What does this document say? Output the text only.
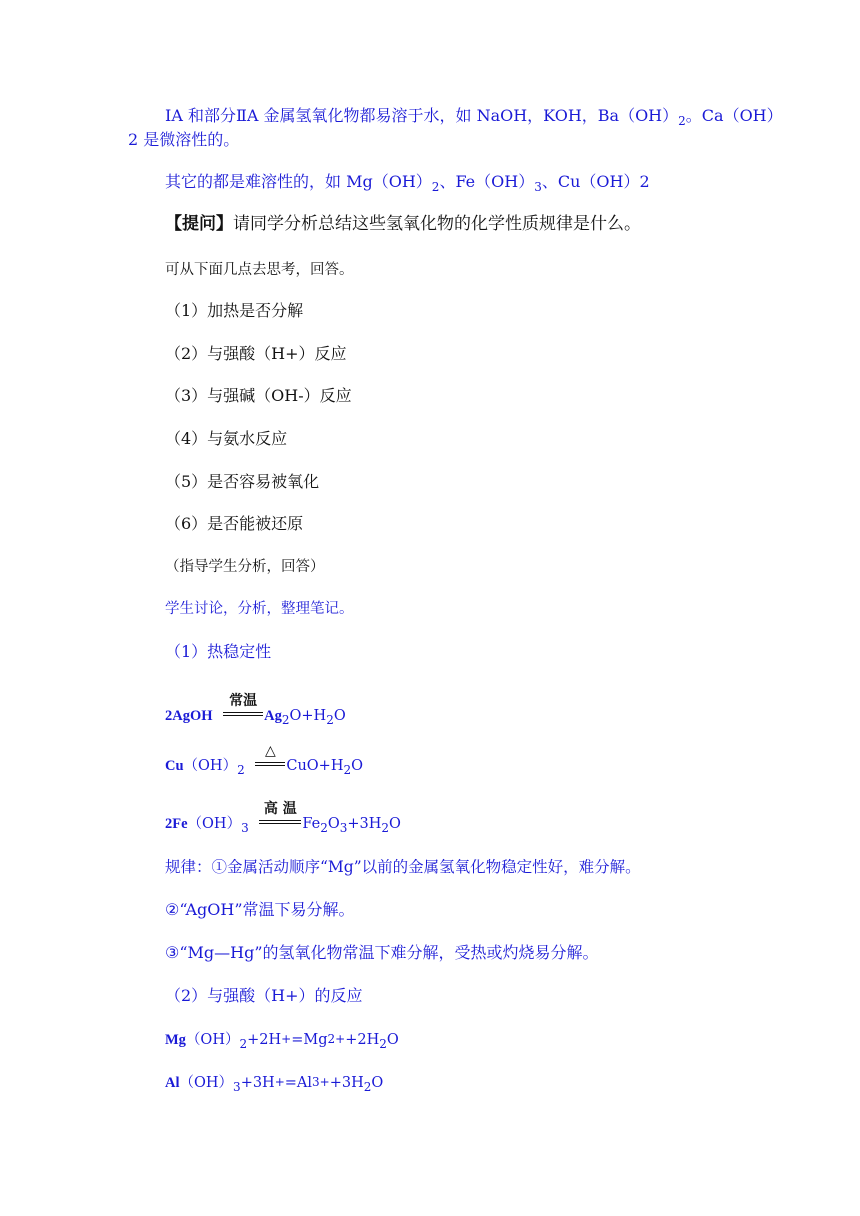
ⅠA 和部分ⅡA 金属氢氧化物都易溶于水，如 NaOH，KOH，$Ba(OH)_2$。Ca（OH）
2 是微溶性的。
其它的都是难溶性的，如 $Mg(OH)_2$、$Fe(OH)_3$、Cu（OH）2
【提问】请同学分析总结这些氢氧化物的化学性质规律是什么。
可从下面几点去思考，回答。
（1）加热是否分解
（2）与强酸（H+）反应
（3）与强碱（OH-）反应
（4）与氨水反应
（5）是否容易被氧化
（6）是否能被还原
（指导学生分析，回答）
学生讨论，分析，整理笔记。
（1）热稳定性
2AgOH
常温
$Ag_2O+H_2O$
$Cu(OH)_2$
△
$CuO+H_2O$
$2Fe(OH)_3$
高 温
$Fe_2O_3+3H_2O$
规律：①金属活动顺序“Mg”以前的金属氢氧化物稳定性好，难分解。
②“AgOH”常温下易分解。
③“Mg—Hg”的氢氧化物常温下难分解，受热或灼烧易分解。
（2）与强酸（H+）的反应
$Mg(OH)_2+2H+=Mg2++2H_2O$
$Al(OH)_3+3H+=Al3++3H_2O$
